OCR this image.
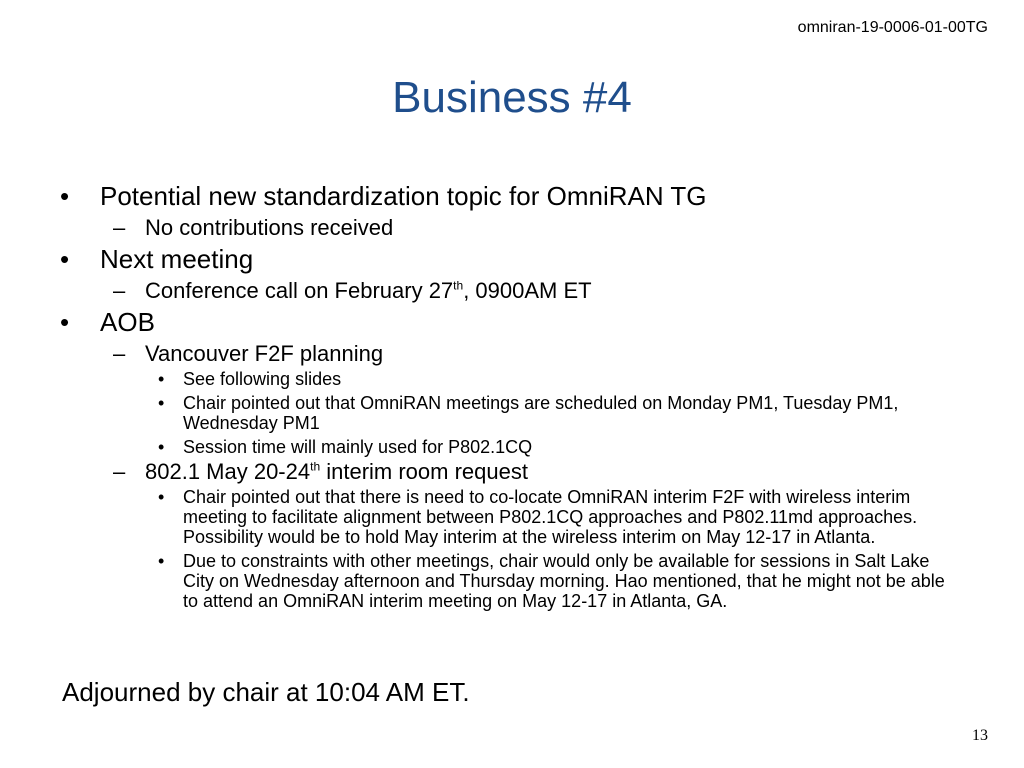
omniran-19-0006-01-00TG
Business #4
• Potential new standardization topic for OmniRAN TG
– No contributions received
• Next meeting
– Conference call on February 27th, 0900AM ET
• AOB
– Vancouver F2F planning
• See following slides
• Chair pointed out that OmniRAN meetings are scheduled on Monday PM1, Tuesday PM1, Wednesday PM1
• Session time will mainly used for P802.1CQ
– 802.1 May 20-24th interim room request
• Chair pointed out that there is need to co-locate OmniRAN interim F2F with wireless interim meeting to facilitate alignment between P802.1CQ approaches and P802.11md approaches. Possibility would be to hold May interim at the wireless interim on May 12-17 in Atlanta.
• Due to constraints with other meetings, chair would only be available for sessions in Salt Lake City on Wednesday afternoon and Thursday morning. Hao mentioned, that he might not be able to attend an OmniRAN interim meeting on May 12-17 in Atlanta, GA.
Adjourned by chair at 10:04 AM ET.
13
